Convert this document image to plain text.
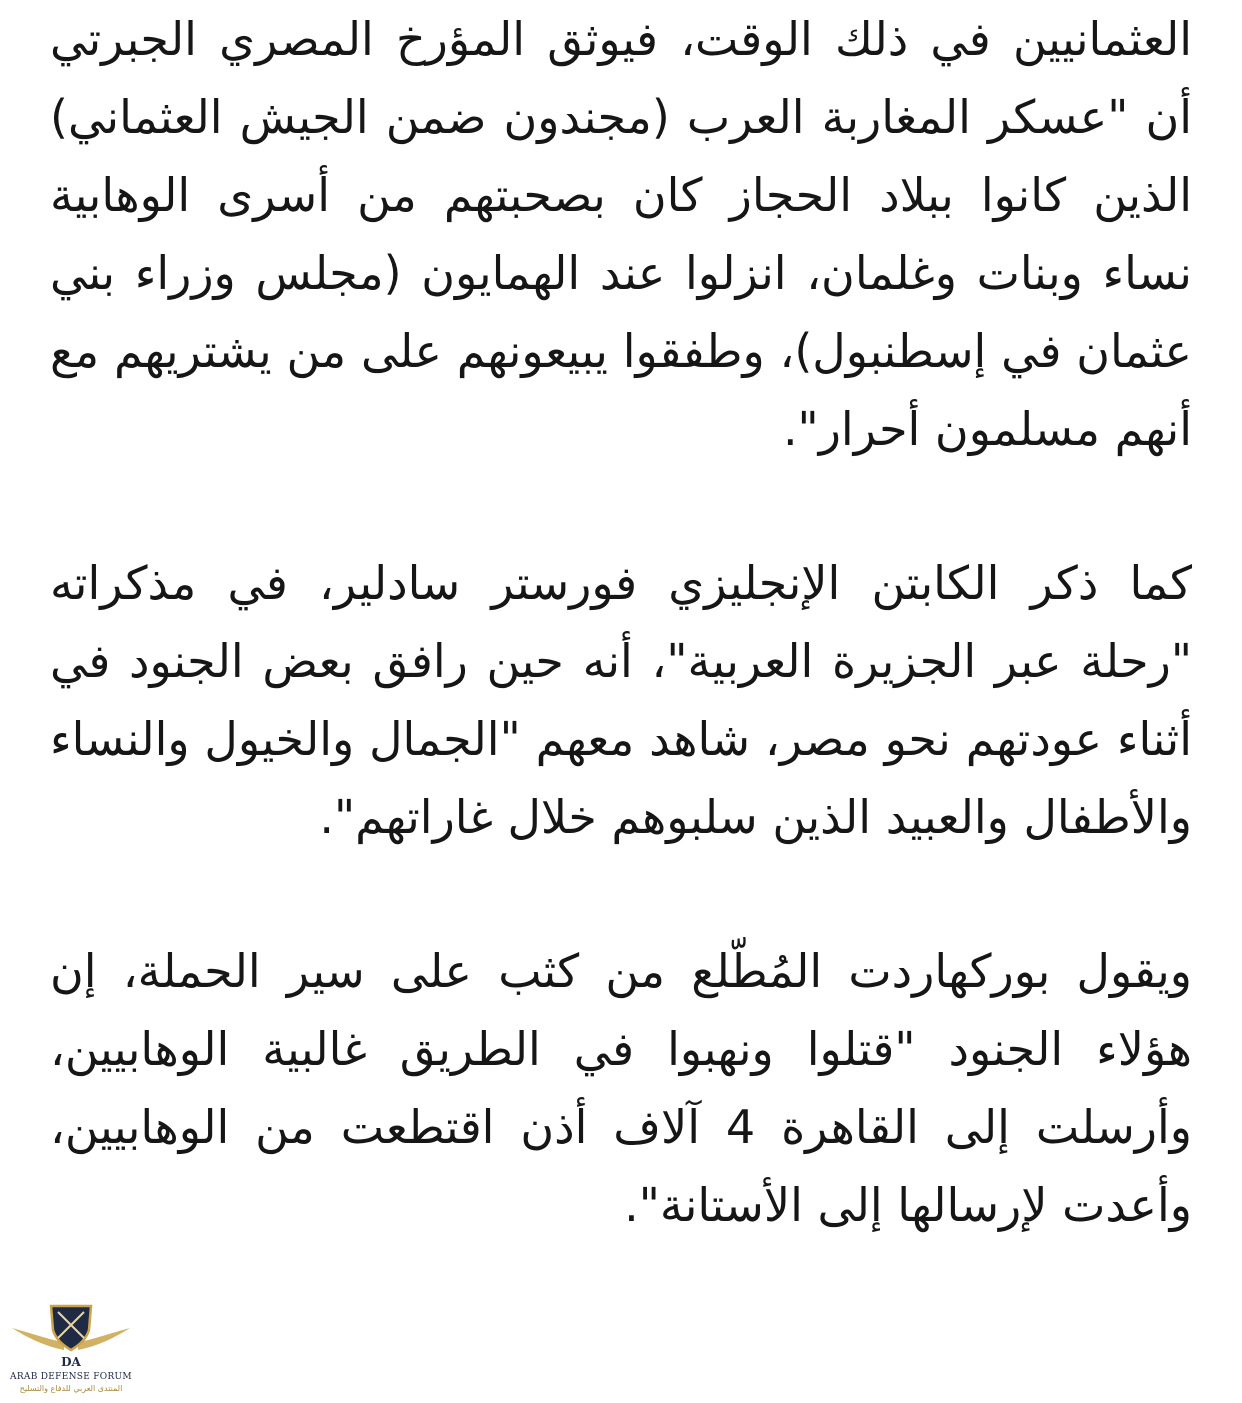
العثمانيين في ذلك الوقت، فيوثق المؤرخ المصري الجبرتي أن "عسكر المغاربة العرب (مجندون ضمن الجيش العثماني) الذين كانوا ببلاد الحجاز كان بصحبتهم من أسرى الوهابية نساء وبنات وغلمان، انزلوا عند الهمايون (مجلس وزراء بني عثمان في إسطنبول)، وطفقوا يبيعونهم على من يشتريهم مع أنهم مسلمون أحرار".

كما ذكر الكابتن الإنجليزي فورستر سادلير، في مذكراته "رحلة عبر الجزيرة العربية"، أنه حين رافق بعض الجنود في أثناء عودتهم نحو مصر، شاهد معهم "الجمال والخيول والنساء والأطفال والعبيد الذين سلبوهم خلال غاراتهم".

ويقول بوركهاردت المُطّلع من كثب على سير الحملة، إن هؤلاء الجنود "قتلوا ونهبوا في الطريق غالبية الوهابيين، وأرسلت إلى القاهرة 4 آلاف أذن اقتطعت من الوهابيين، وأعدت لإرسالها إلى الأستانة".

DA
ARAB DEFENSE FORUM
المنتدى العربي للدفاع والتسليح
